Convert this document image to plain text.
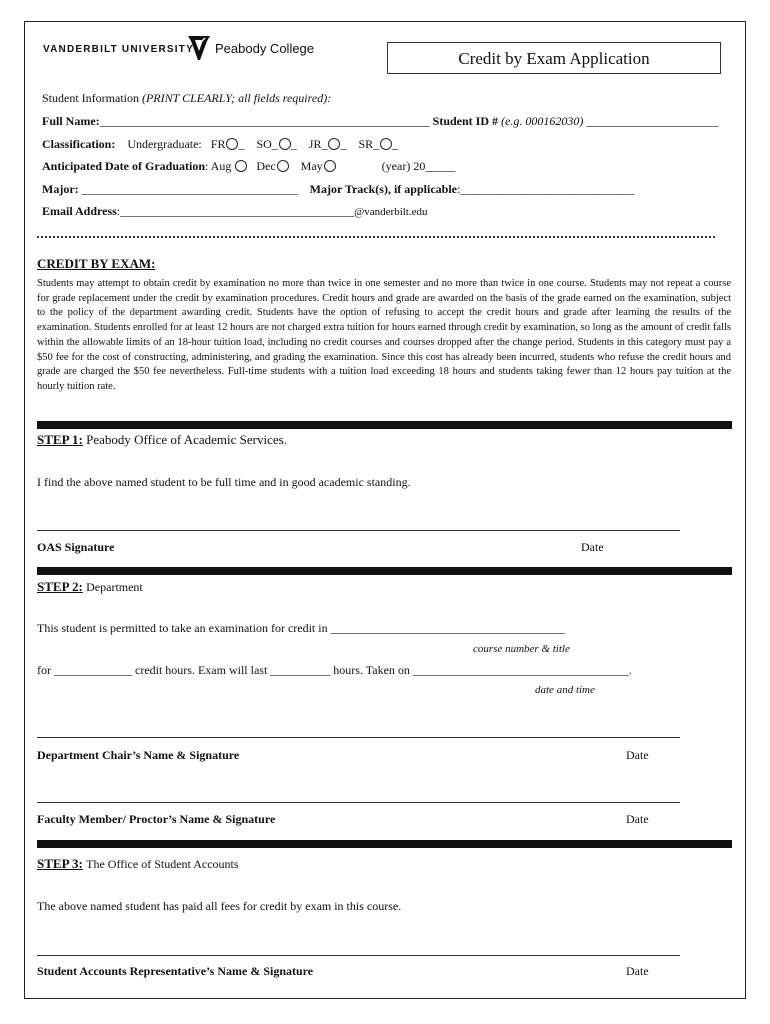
VANDERBILT UNIVERSITY Peabody College
Credit by Exam Application
Student Information (PRINT CLEARLY; all fields required):
Full Name:_______________________________________________________ Student ID # (e.g. 000162030) ______________________
Classification: Undergraduate: FR _    SO_ _    JR_ _    SR_ _
Anticipated Date of Graduation: Aug Dec May	(year) 20_____
Major: ____________________________________ Major Track(s), if applicable:_____________________________
Email Address:_______________________________________@vanderbilt.edu
CREDIT BY EXAM:
Students may attempt to obtain credit by examination no more than twice in one semester and no more than twice in one course. Students may not repeat a course for grade replacement under the credit by examination procedures. Credit hours and grade are awarded on the basis of the grade earned on the examination, subject to the policy of the department awarding credit. Students have the option of refusing to accept the credit hours and grade after learning the results of the examination. Students enrolled for at least 12 hours are not charged extra tuition for hours earned through credit by examination, so long as the amount of credit falls within the allowable limits of an 18-hour tuition load, including no credit courses and courses dropped after the change period. Students in this category must pay a $50 fee for the cost of constructing, administering, and grading the examination. Since this cost has already been incurred, students who refuse the credit hours and grade are charged the $50 fee nevertheless. Full-time students with a tuition load exceeding 18 hours and students taking fewer than 12 hours pay tuition at the hourly tuition rate.
STEP 1: Peabody Office of Academic Services.
I find the above named student to be full time and in good academic standing.
OAS Signature	Date
STEP 2: Department
This student is permitted to take an examination for credit in _______________________________________
course number & title
for _____________ credit hours. Exam will last __________ hours. Taken on ____________________________________.
date and time
Department Chair’s Name & Signature	Date
Faculty Member/ Proctor’s Name & Signature	Date
STEP 3: The Office of Student Accounts
The above named student has paid all fees for credit by exam in this course.
Student Accounts Representative’s Name & Signature	Date
